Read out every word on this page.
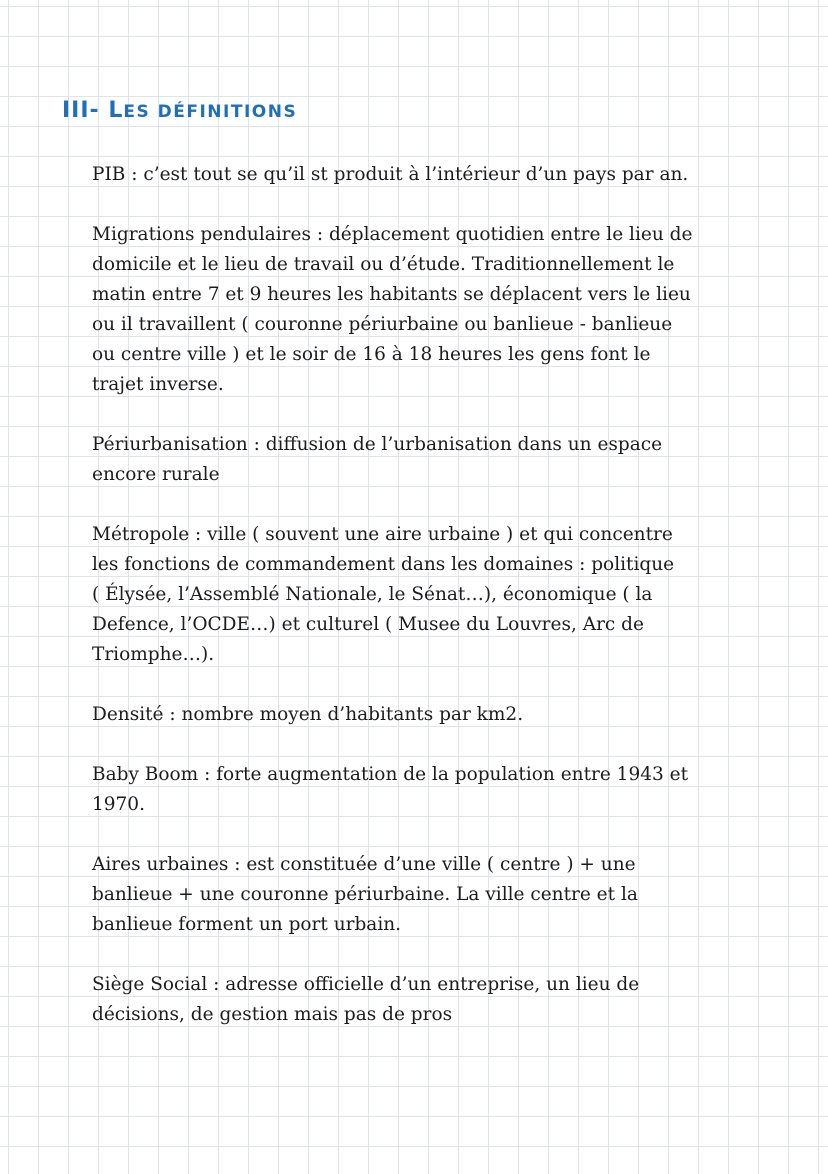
III- LES DÉFINITIONS
PIB : c’est tout se qu’il st produit à l’intérieur d’un pays par an.
Migrations pendulaires : déplacement quotidien entre le lieu de
domicile et le lieu de travail ou d’étude. Traditionnellement le
matin entre 7 et 9 heures les habitants se déplacent vers le lieu
ou il travaillent ( couronne périurbaine ou banlieue - banlieue
ou centre ville ) et le soir de 16 à 18 heures les gens font le
trajet inverse.
Périurbanisation : diffusion de l’urbanisation dans un espace
encore rurale
Métropole : ville ( souvent une aire urbaine ) et qui concentre
les fonctions de commandement dans les domaines : politique
( Élysée, l’Assemblé Nationale, le Sénat…), économique ( la
Defence, l’OCDE…) et culturel ( Musee du Louvres, Arc de
Triomphe…).
Densité : nombre moyen d’habitants par km2.
Baby Boom : forte augmentation de la population entre 1943 et
1970.
Aires urbaines : est constituée d’une ville ( centre ) + une
banlieue + une couronne périurbaine. La ville centre et la
banlieue forment un port urbain.
Siège Social : adresse officielle d’un entreprise, un lieu de
décisions, de gestion mais pas de pros
